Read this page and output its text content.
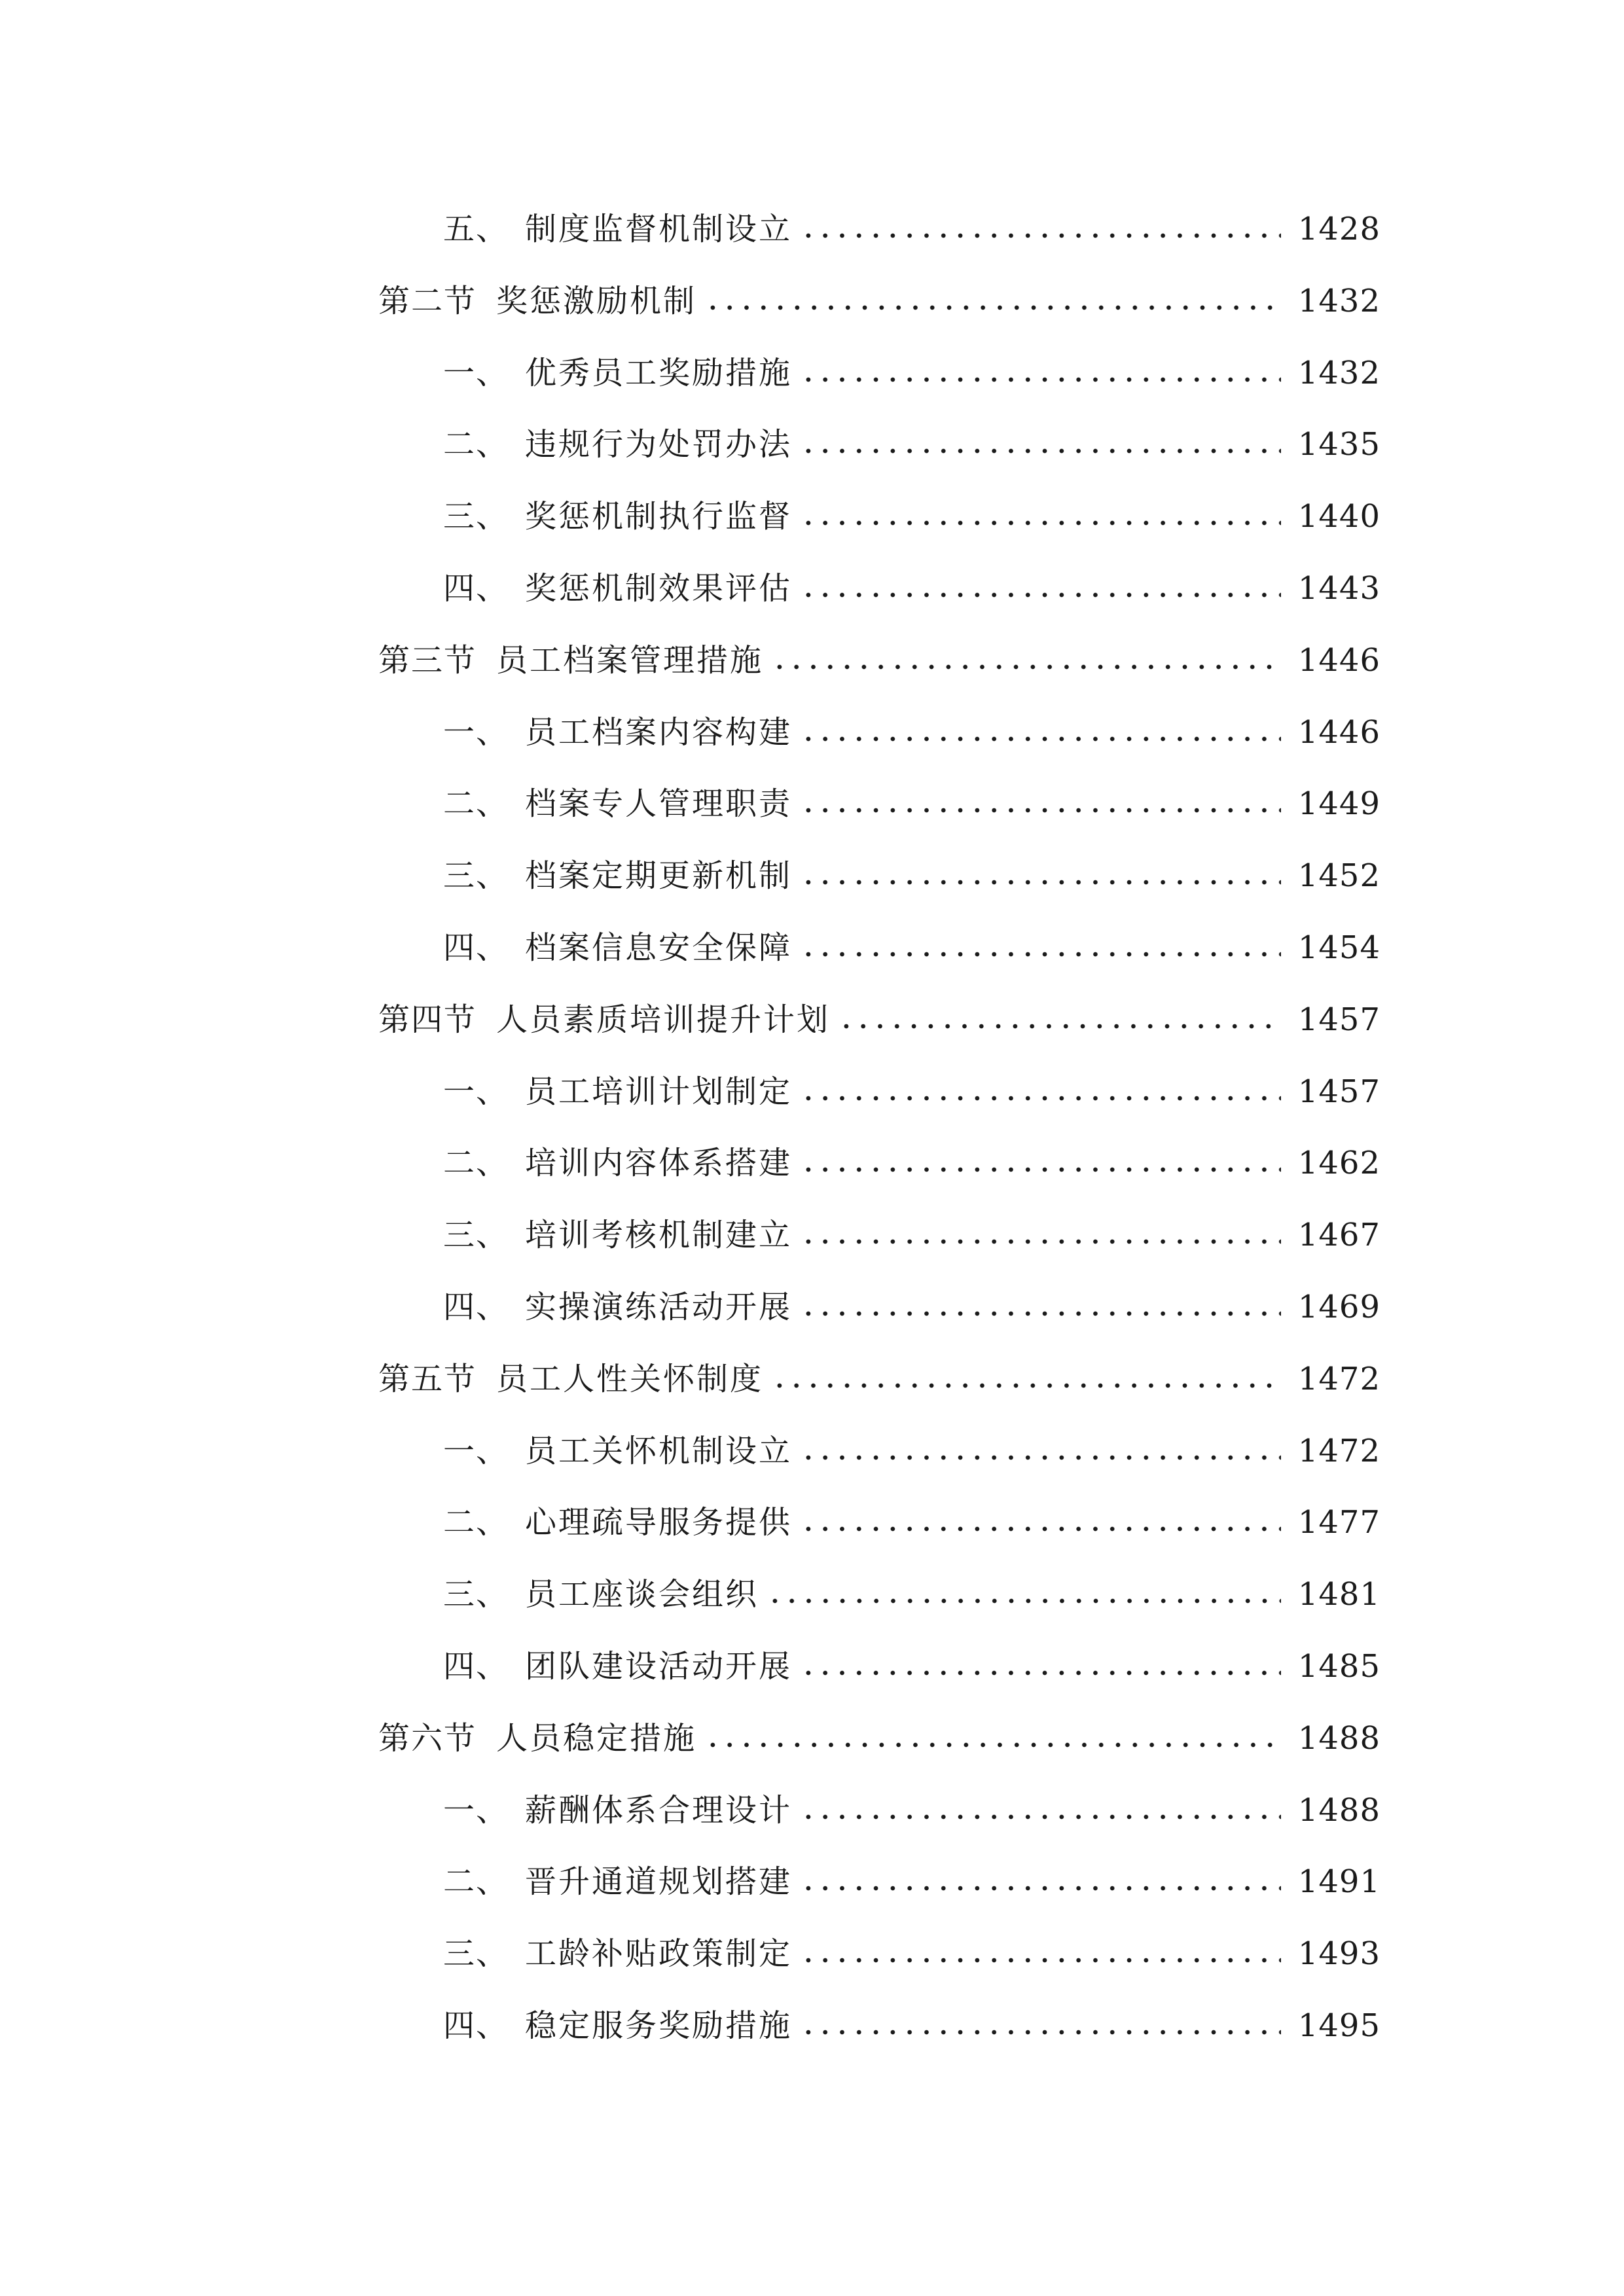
五、 制度监督机制设立	1428
第二节 奖惩激励机制	1432
一、 优秀员工奖励措施	1432
二、 违规行为处罚办法	1435
三、 奖惩机制执行监督	1440
四、 奖惩机制效果评估	1443
第三节 员工档案管理措施	1446
一、 员工档案内容构建	1446
二、 档案专人管理职责	1449
三、 档案定期更新机制	1452
四、 档案信息安全保障	1454
第四节 人员素质培训提升计划	1457
一、 员工培训计划制定	1457
二、 培训内容体系搭建	1462
三、 培训考核机制建立	1467
四、 实操演练活动开展	1469
第五节 员工人性关怀制度	1472
一、 员工关怀机制设立	1472
二、 心理疏导服务提供	1477
三、 员工座谈会组织	1481
四、 团队建设活动开展	1485
第六节 人员稳定措施	1488
一、 薪酬体系合理设计	1488
二、 晋升通道规划搭建	1491
三、 工龄补贴政策制定	1493
四、 稳定服务奖励措施	1495
